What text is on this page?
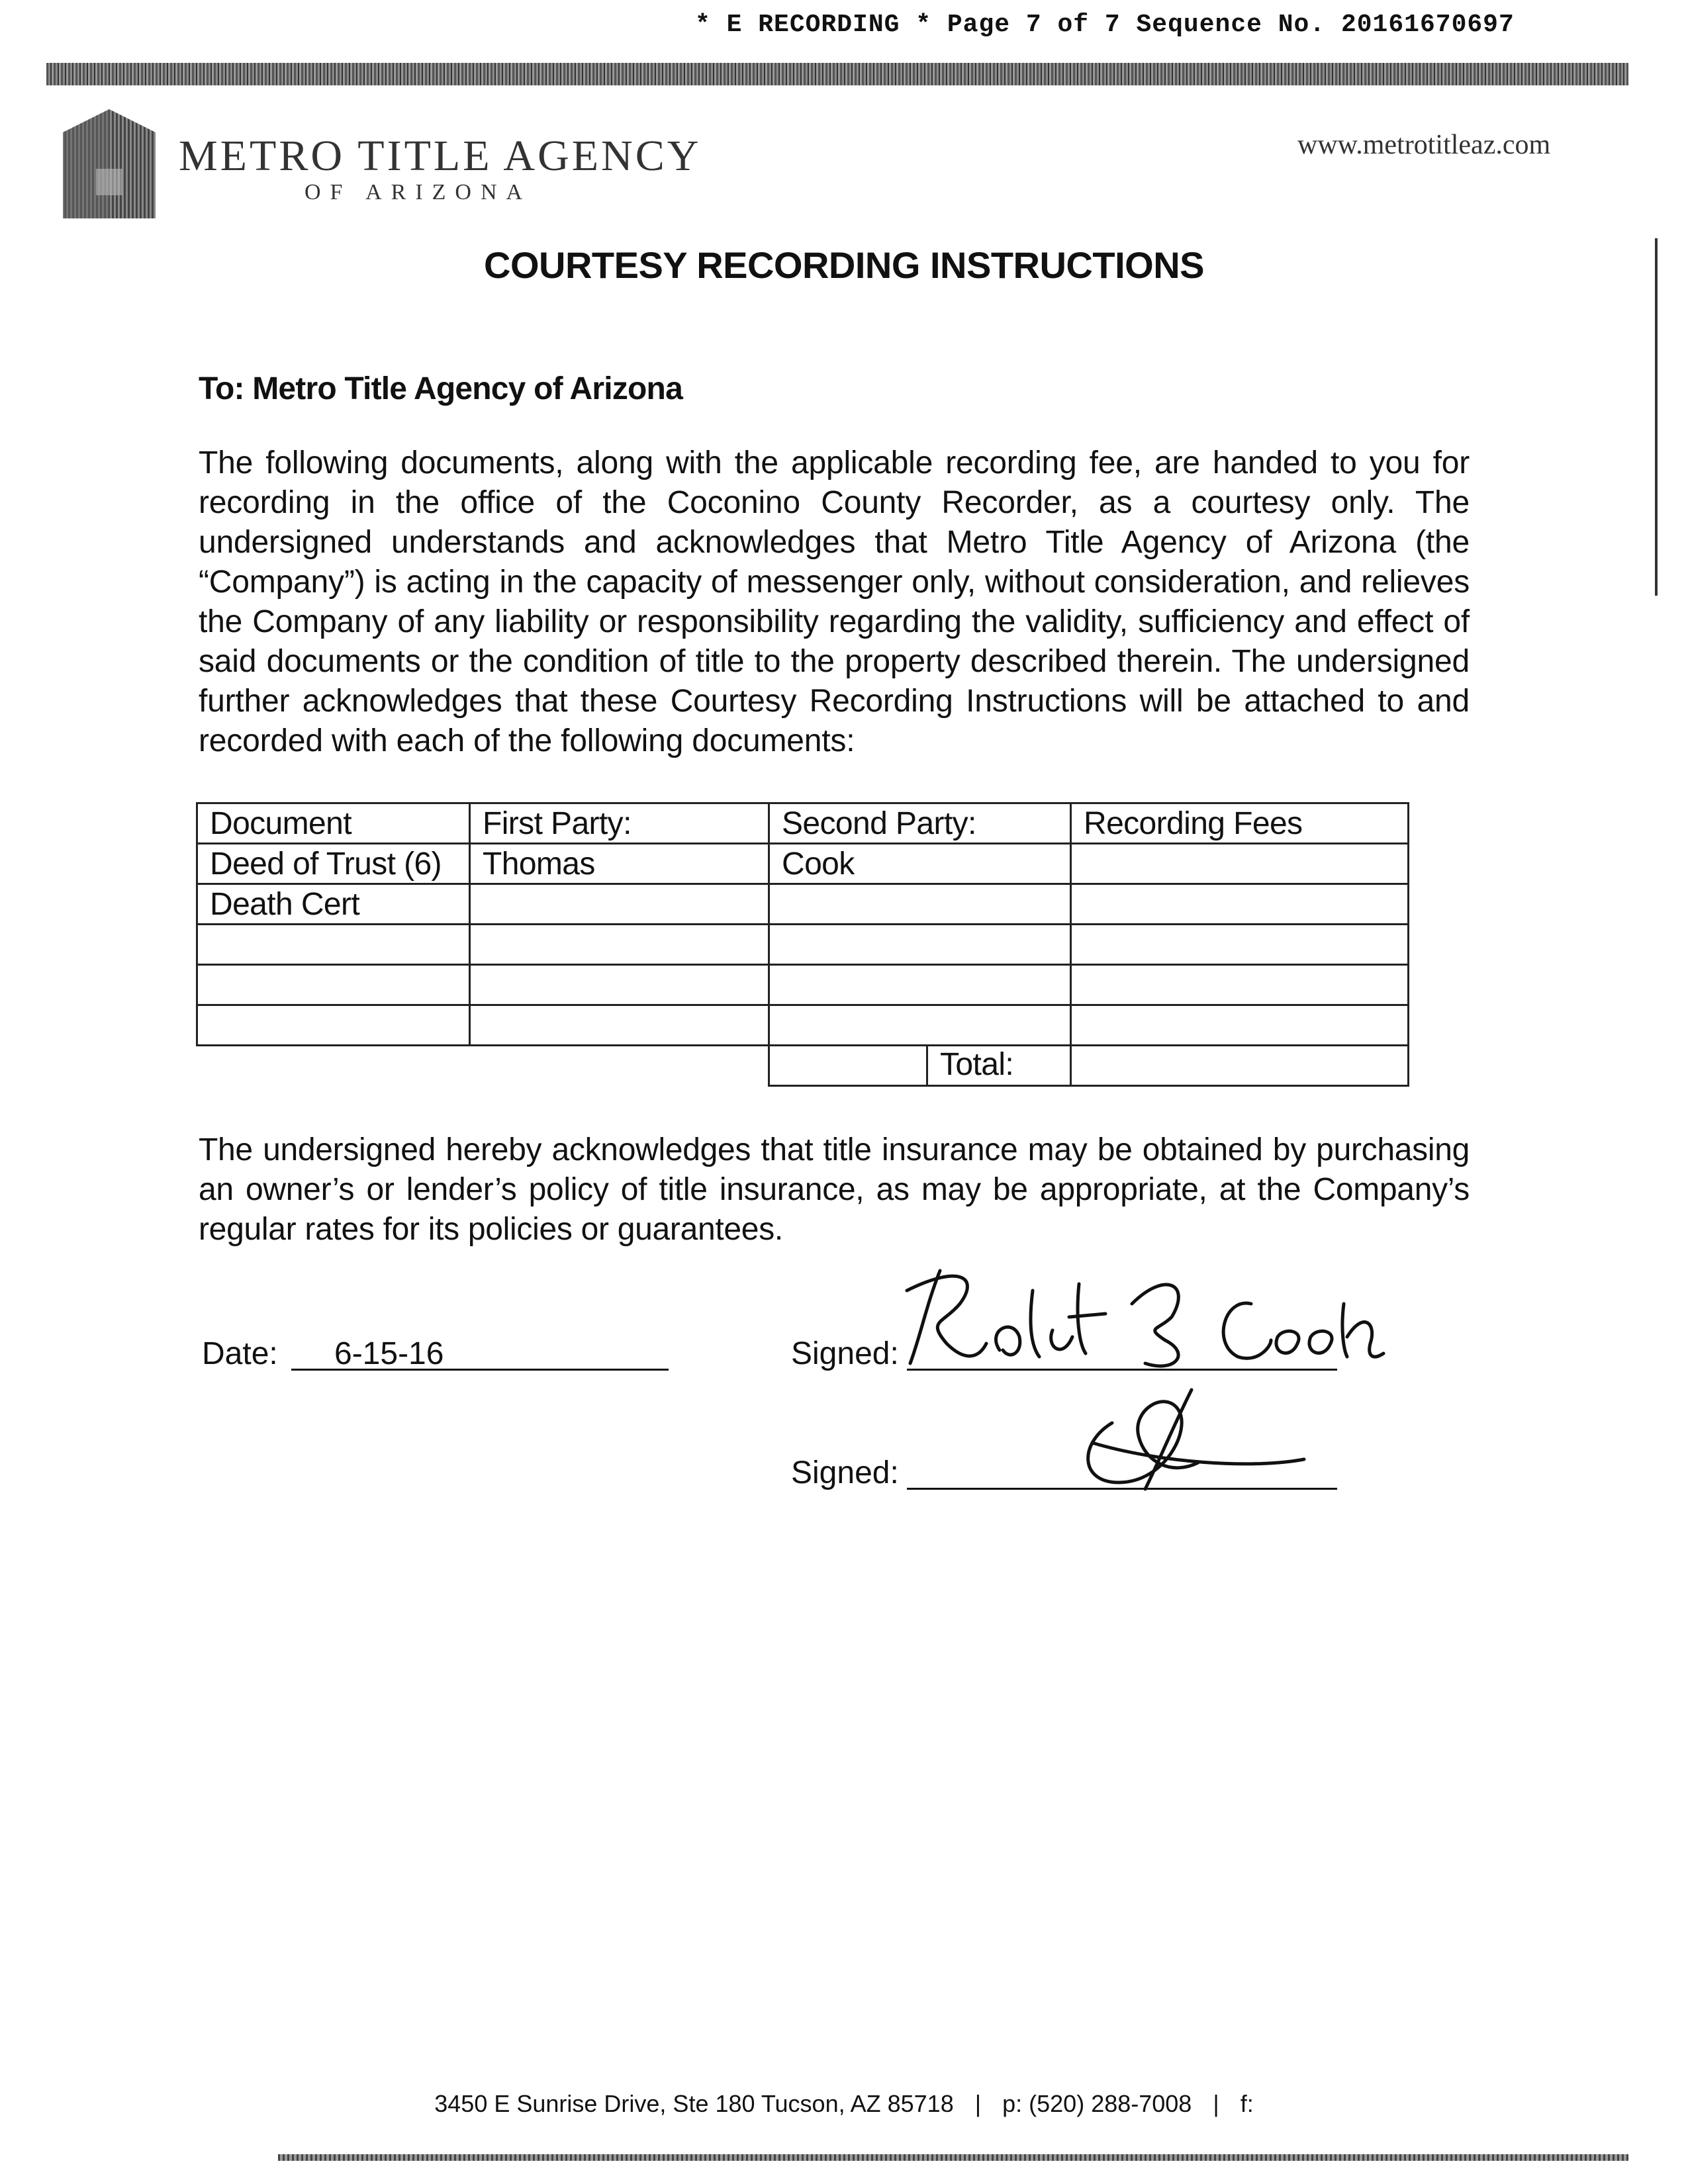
* E RECORDING * Page 7 of 7 Sequence No. 20161670697
METRO TITLE AGENCY
OF ARIZONA
www.metrotitleaz.com
COURTESY RECORDING INSTRUCTIONS
To: Metro Title Agency of Arizona
The following documents, along with the applicable recording fee, are handed to you for recording in the office of the Coconino County Recorder, as a courtesy only. The undersigned understands and acknowledges that Metro Title Agency of Arizona (the “Company”) is acting in the capacity of messenger only, without consideration, and relieves the Company of any liability or responsibility regarding the validity, sufficiency and effect of said documents or the condition of title to the property described therein. The undersigned further acknowledges that these Courtesy Recording Instructions will be attached to and recorded with each of the following documents:
Document	First Party:	Second Party:	Recording Fees
Deed of Trust (6)	Thomas	Cook	
Death Cert			

		Total:	

The undersigned hereby acknowledges that title insurance may be obtained by purchasing an owner’s or lender’s policy of title insurance, as may be appropriate, at the Company’s regular rates for its policies or guarantees.
Date: 6-15-16	Signed:
Signed:
3450 E Sunrise Drive, Ste 180 Tucson, AZ 85718 | p: (520) 288-7008 | f:
